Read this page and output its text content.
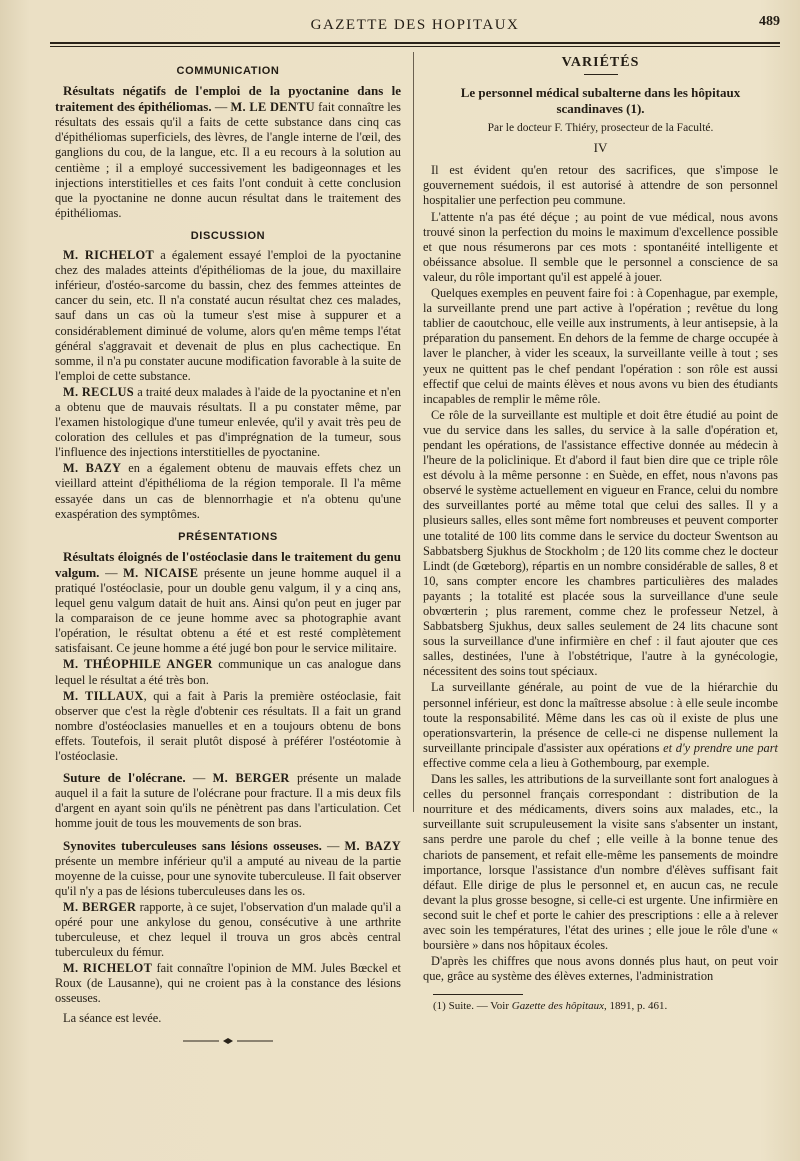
GAZETTE DES HOPITAUX	489
COMMUNICATION

Résultats négatifs de l'emploi de la pyoctanine dans le traitement des épithéliomas. — M. LE DENTU fait connaître les résultats des essais qu'il a faits de cette substance dans cinq cas d'épithéliomas superficiels, des lèvres, de l'angle interne de l'œil, des ganglions du cou, de la langue, etc. Il a eu recours à la solution au centième ; il a employé successivement les badigeonnages et les injections interstitielles et ces faits l'ont conduit à cette conclusion que la pyoctanine ne donne aucun résultat dans le traitement des épithéliomas.

DISCUSSION

M. RICHELOT a également essayé l'emploi de la pyoctanine chez des malades atteints d'épithéliomas de la joue, du maxillaire inférieur, d'ostéo-sarcome du bassin, chez des femmes atteintes de cancer du sein, etc. Il n'a constaté aucun résultat chez ces malades, sauf dans un cas où la tumeur s'est mise à suppurer et a considérablement diminué de volume, alors qu'en même temps l'état général s'aggravait et devenait de plus en plus cachectique. En somme, il n'a pu constater aucune modification favorable à la suite de l'emploi de cette substance.

M. RECLUS a traité deux malades à l'aide de la pyoctanine et n'en a obtenu que de mauvais résultats. Il a pu constater même, par l'examen histologique d'une tumeur enlevée, qu'il y avait très peu de coloration des cellules et pas d'imprégnation de la tumeur, sous l'influence des injections interstitielles de pyoctanine.

M. BAZY en a également obtenu de mauvais effets chez un vieillard atteint d'épithélioma de la région temporale. Il l'a même essayée dans un cas de blennorrhagie et n'a obtenu qu'une exaspération des symptômes.

PRÉSENTATIONS

Résultats éloignés de l'ostéoclasie dans le traitement du genu valgum. — M. NICAISE présente un jeune homme auquel il a pratiqué l'ostéoclasie, pour un double genu valgum, il y a cinq ans, lequel genu valgum datait de huit ans. Ainsi qu'on peut en juger par la comparaison de ce jeune homme avec sa photographie avant l'opération, le résultat obtenu a été et est resté complètement satisfaisant. Ce jeune homme a été jugé bon pour le service militaire.

M. THÉOPHILE ANGER communique un cas analogue dans lequel le résultat a été très bon.

M. TILLAUX, qui a fait à Paris la première ostéoclasie, fait observer que c'est la règle d'obtenir ces résultats. Il a fait un grand nombre d'ostéoclasies manuelles et en a toujours obtenu de bons effets. Toutefois, il serait plutôt disposé à préférer l'ostéotomie à l'ostéoclasie.

Suture de l'olécrane. — M. BERGER présente un malade auquel il a fait la suture de l'olécrane pour fracture. Il a mis deux fils d'argent en ayant soin qu'ils ne pénètrent pas dans l'articulation. Cet homme jouit de tous les mouvements de son bras.

Synovites tuberculeuses sans lésions osseuses. — M. BAZY présente un membre inférieur qu'il a amputé au niveau de la partie moyenne de la cuisse, pour une synovite tuberculeuse. Il fait observer qu'il n'y a pas de lésions tuberculeuses dans les os.

M. BERGER rapporte, à ce sujet, l'observation d'un malade qu'il a opéré pour une ankylose du genou, consécutive à une arthrite tuberculeuse, et chez lequel il trouva un gros abcès central tuberculeux du fémur.

M. RICHELOT fait connaître l'opinion de MM. Jules Bœckel et Roux (de Lausanne), qui ne croient pas à la constance des lésions osseuses.

La séance est levée.

VARIÉTÉS
Le personnel médical subalterne dans les hôpitaux scandinaves (1).
Par le docteur F. Thiéry, prosecteur de la Faculté.
IV

Il est évident qu'en retour des sacrifices, que s'impose le gouvernement suédois, il est autorisé à attendre de son personnel hospitalier une perfection peu commune.

L'attente n'a pas été déçue ; au point de vue médical, nous avons trouvé sinon la perfection du moins le maximum d'excellence possible et que nous résumerons par ces mots : spontanéité intelligente et obéissance absolue. Il semble que le personnel a conscience de sa valeur, du rôle important qu'il est appelé à jouer.

Quelques exemples en peuvent faire foi : à Copenhague, par exemple, la surveillante prend une part active à l'opération ; revêtue du long tablier de caoutchouc, elle veille aux instruments, à leur antisepsie, à la préparation du pansement. En dehors de la femme de charge occupée à laver le plancher, à vider les sceaux, la surveillante veille à tout ; ses yeux ne quittent pas le chef pendant l'opération : son rôle est aussi effectif que celui de maints élèves et nous avons vu bien des étudiants incapables de remplir le même rôle.

Ce rôle de la surveillante est multiple et doit être étudié au point de vue du service dans les salles, du service à la salle d'opération et, pendant les opérations, de l'assistance effective donnée au médecin à l'heure de la policlinique. Et d'abord il faut bien dire que ce triple rôle est dévolu à la même personne : en Suède, en effet, nous n'avons pas observé le système actuellement en vigueur en France, celui du nombre des surveillantes porté au même total que celui des salles. Il y a plusieurs salles, elles sont même fort nombreuses et peuvent comporter une totalité de 100 lits comme dans le service du docteur Swentson au Sabbatsberg Sjukhus de Stockholm ; de 120 lits comme chez le docteur Lindt (de Gœteborg), répartis en un nombre considérable de salles, 8 et 10, sans compter encore les chambres particulières des malades payants ; la totalité est placée sous la surveillance d'une seule obvœrterin ; plus rarement, comme chez le professeur Netzel, à Sabbatsberg Sjukhus, deux salles seulement de 24 lits chacune sont sous la surveillance d'une infirmière en chef : il faut ajouter que ces salles, destinées, l'une à l'obstétrique, l'autre à la gynécologie, nécessitent des soins tout spéciaux.

La surveillante générale, au point de vue de la hiérarchie du personnel inférieur, est donc la maîtresse absolue : à elle seule incombe toute la responsabilité. Même dans les cas où il existe de plus une operationsvarterin, la présence de celle-ci ne dispense nullement la surveillante principale d'assister aux opérations et d'y prendre une part effective comme cela a lieu à Gothembourg, par exemple.

Dans les salles, les attributions de la surveillante sont fort analogues à celles du personnel français correspondant : distribution de la nourriture et des médicaments, divers soins aux malades, etc., la surveillante suit scrupuleusement la visite sans s'absenter un instant, sans perdre une parole du chef ; elle veille à la bonne tenue des chariots de pansement, et refait elle-même les pansements de moindre importance, lorsque l'assistance d'un nombre d'élèves suffisant fait défaut. Elle dirige de plus le personnel et, en aucun cas, ne recule devant la plus grosse besogne, si celle-ci est urgente. Une infirmière en second suit le chef et porte le cahier des prescriptions : elle a à relever avec soin les températures, l'état des urines ; elle joue le rôle d'une « boursière » dans nos hôpitaux écoles.

D'après les chiffres que nous avons donnés plus haut, on peut voir que, grâce au système des élèves externes, l'administration

(1) Suite. — Voir Gazette des hôpitaux, 1891, p. 461.
